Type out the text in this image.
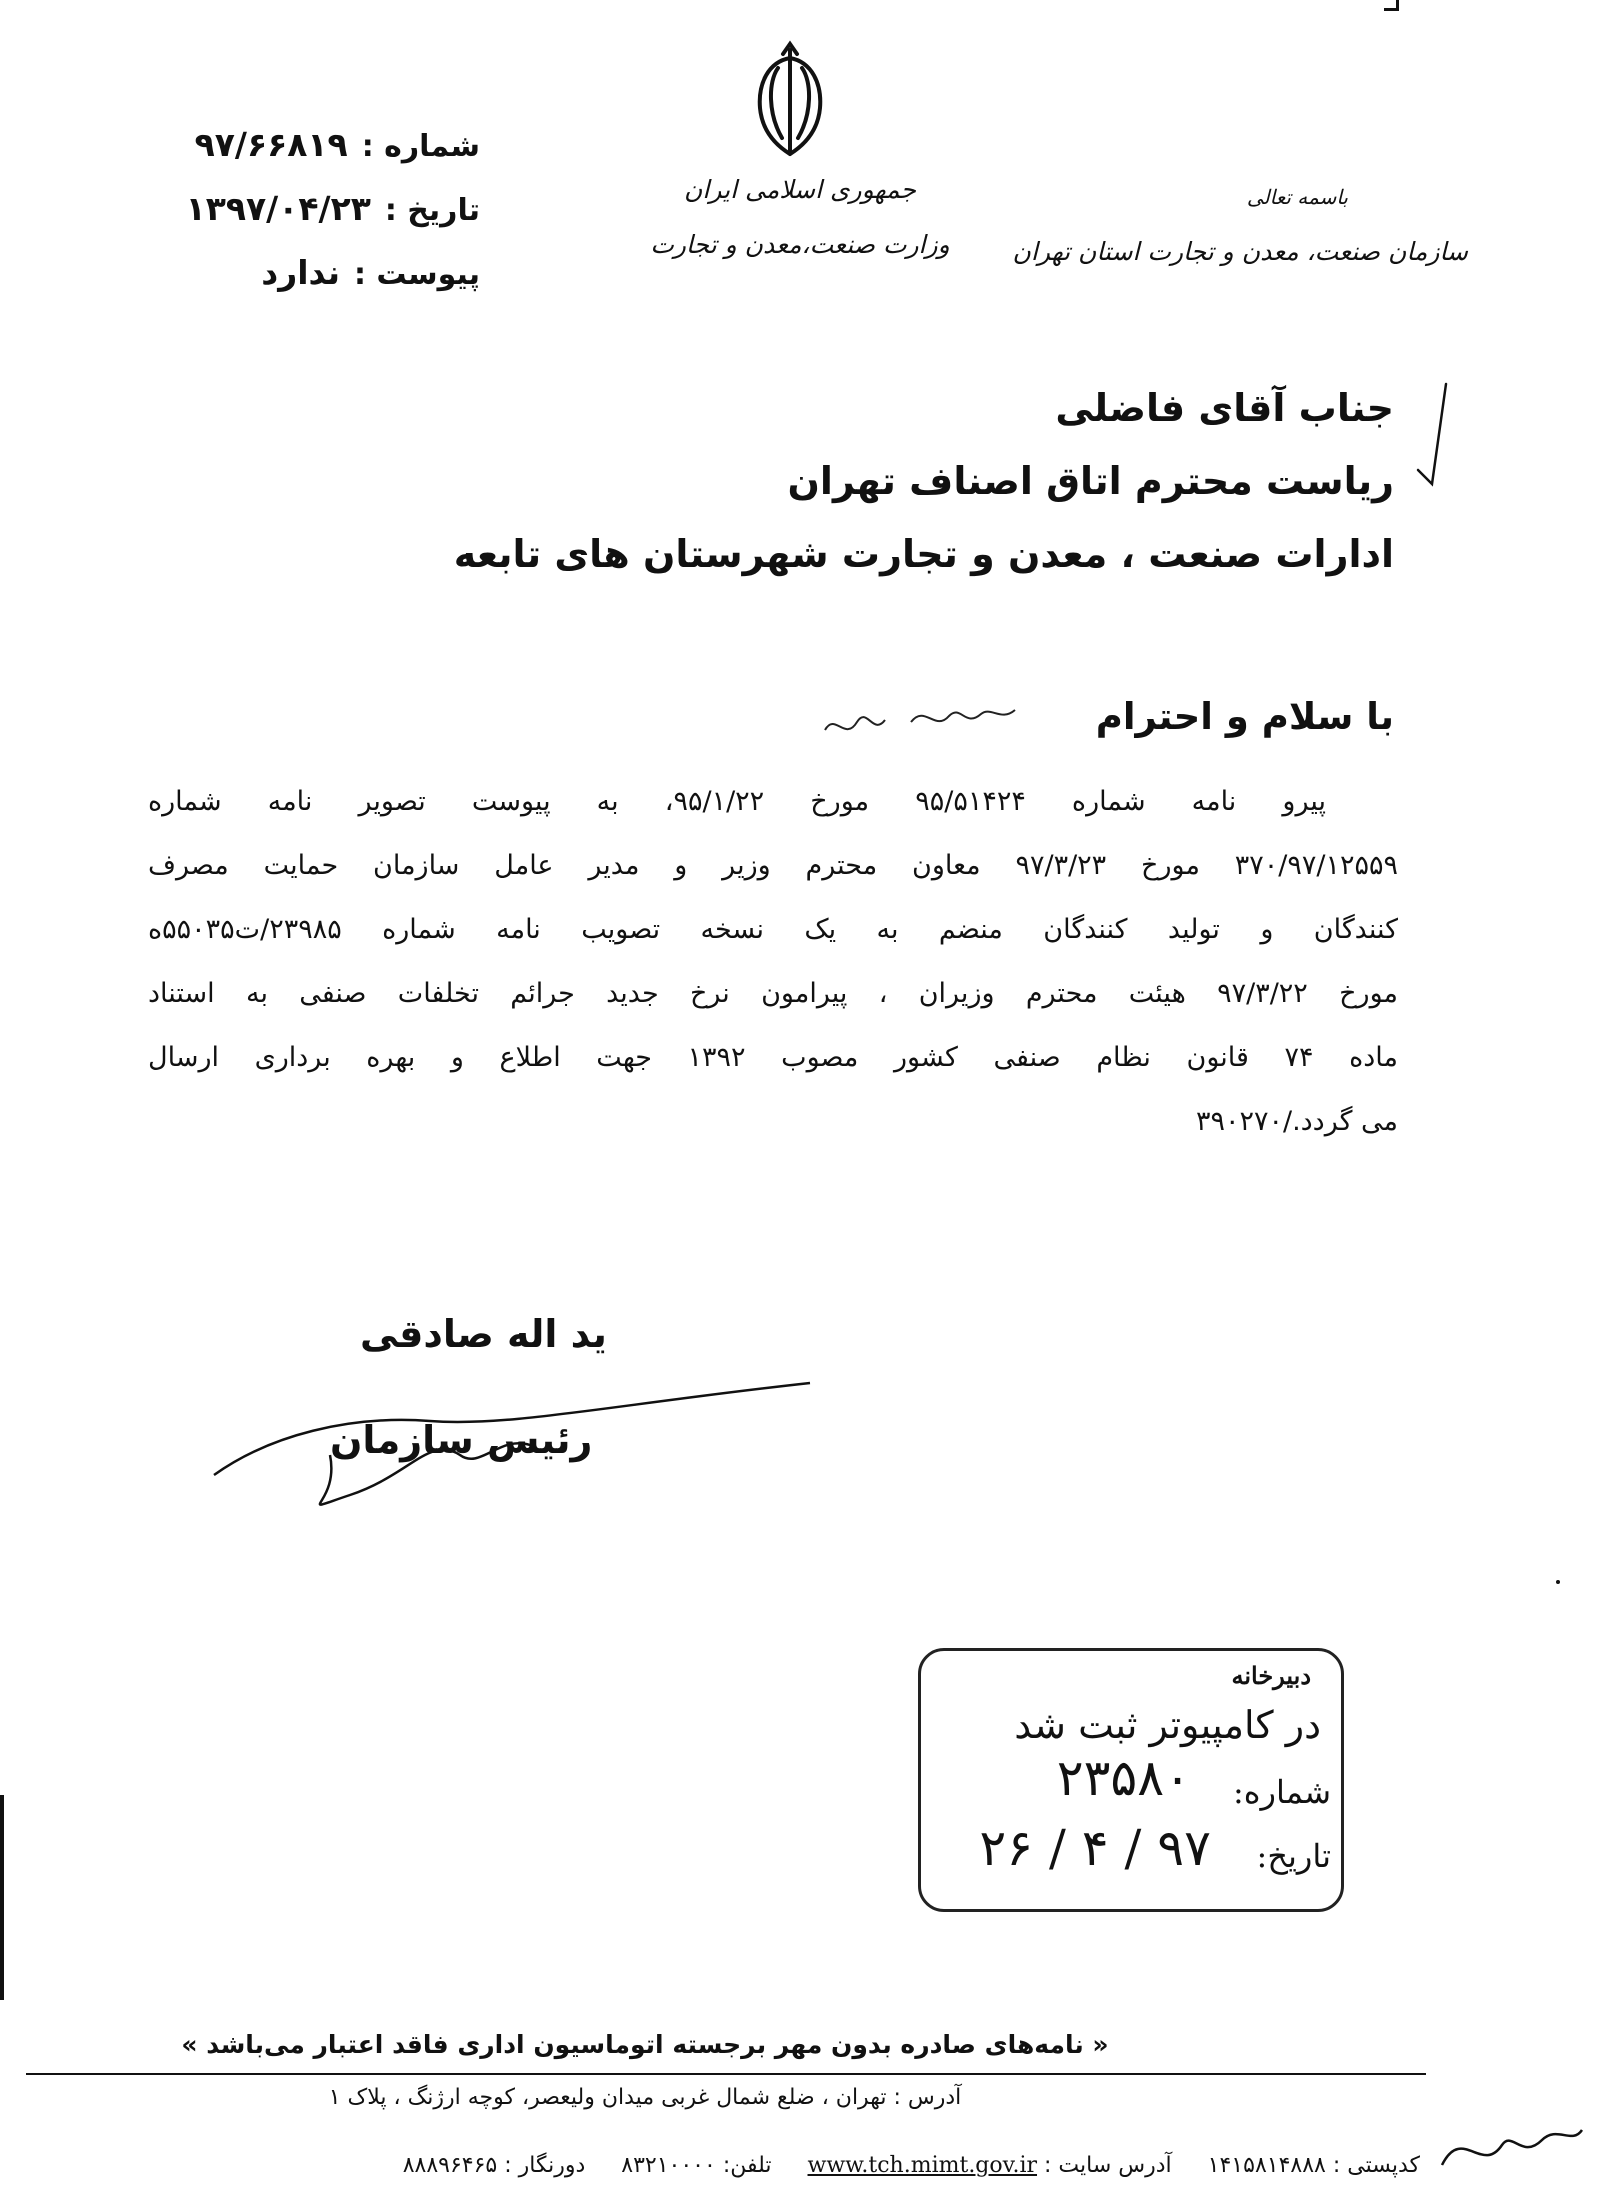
جمهوری اسلامی ایران
وزارت صنعت،معدن و تجارت
باسمه تعالی
سازمان صنعت، معدن و تجارت استان تهران
شماره :
۹۷/۶۶۸۱۹
تاریخ :
۱۳۹۷/۰۴/۲۳
پیوست :
ندارد
جناب آقای فاضلی
ریاست محترم اتاق اصناف تهران
ادارات صنعت ، معدن و تجارت شهرستان های تابعه
با سلام و احترام
پیرو نامه شماره ۹۵/۵۱۴۲۴ مورخ ۹۵/۱/۲۲، به پیوست تصویر نامه شماره
۳۷۰/۹۷/۱۲۵۵۹ مورخ ۹۷/۳/۲۳ معاون محترم وزیر و مدیر عامل سازمان حمایت مصرف
کنندگان و تولید کنندگان منضم به یک نسخه تصویب نامه شماره ۲۳۹۸۵/ت۵۵۰۳۵ه
مورخ ۹۷/۳/۲۲ هیئت محترم وزیران ، پیرامون نرخ جدید جرائم تخلفات صنفی به استناد
ماده ۷۴ قانون نظام صنفی کشور مصوب ۱۳۹۲ جهت اطلاع و بهره برداری ارسال
می گردد./۳۹۰۲۷۰
ید اله صادقی
رئیس سازمان
دبیرخانه
در کامپیوتر ثبت شد
شماره:
۲۳۵۸۰
تاریخ:
۹۷ / ۴ / ۲۶
« نامه‌های صادره بدون مهر برجسته اتوماسیون اداری فاقد اعتبار می‌باشد »
آدرس : تهران ، ضلع شمال غربی میدان ولیعصر، کوچه ارژنگ ، پلاک ۱
کدپستی : ۱۴۱۵۸۱۴۸۸۸  آدرس سایت : www.tch.mimt.gov.ir  تلفن: ۸۳۲۱۰۰۰۰  دورنگار : ۸۸۸۹۶۴۶۵
